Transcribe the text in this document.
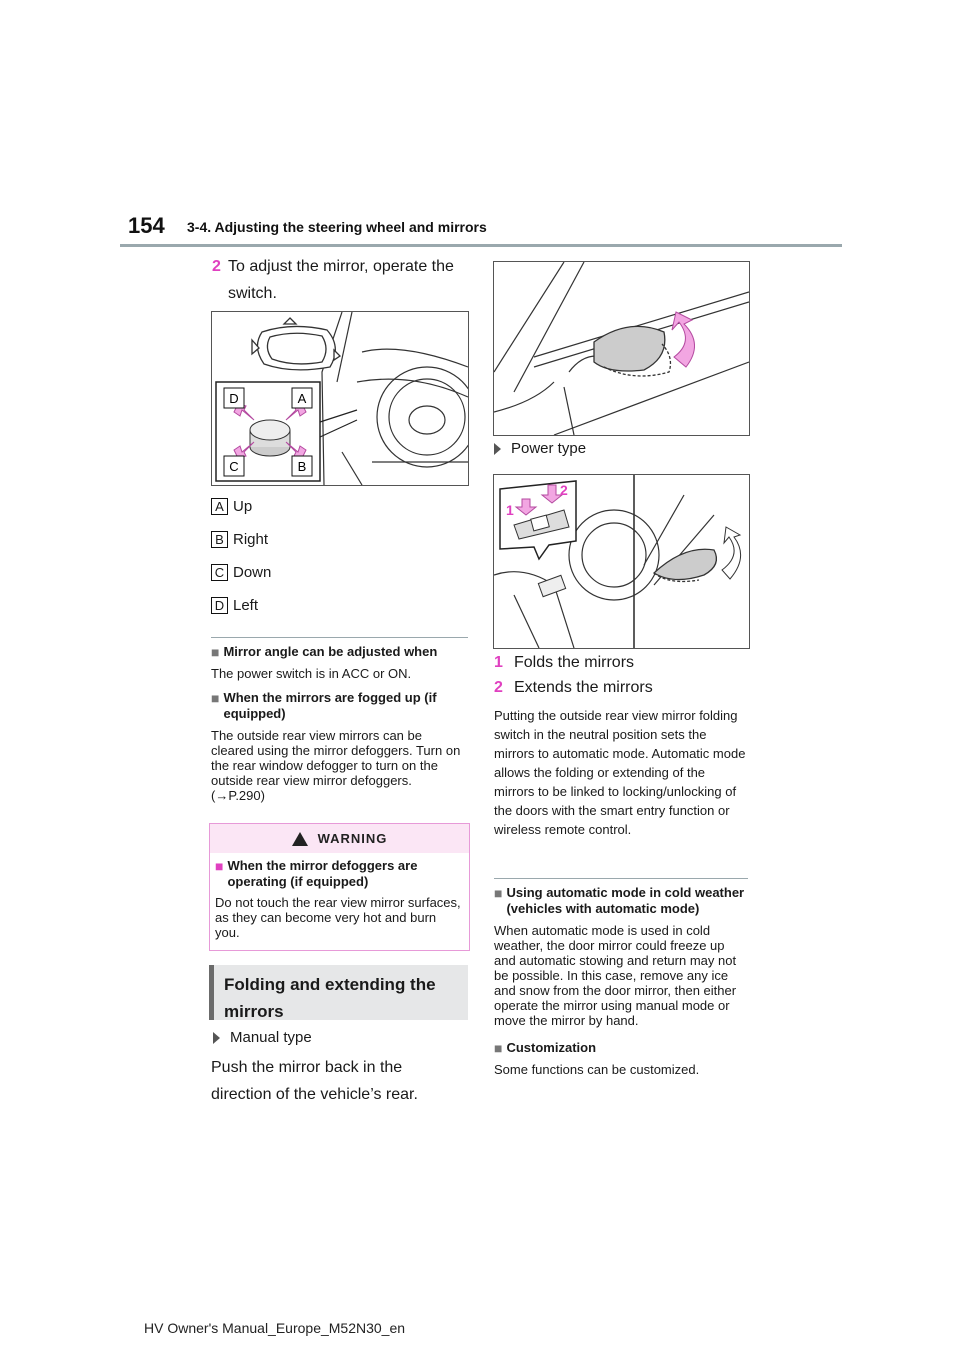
154 3-4. Adjusting the steering wheel and mirrors
2 To adjust the mirror, operate the switch.
D	A
C	B
A Up
B Right
C Down
D Left
■ Mirror angle can be adjusted when
The power switch is in ACC or ON.
■ When the mirrors are fogged up (if equipped)
The outside rear view mirrors can be cleared using the mirror defoggers. Turn on the rear window defogger to turn on the outside rear view mirror defoggers. (→P.290)
WARNING
■ When the mirror defoggers are operating (if equipped)
Do not touch the rear view mirror surfaces, as they can become very hot and burn you.
Folding and extending the mirrors
Manual type
Push the mirror back in the direction of the vehicle’s rear.
Power type
1
2
1 Folds the mirrors
2 Extends the mirrors
Putting the outside rear view mirror folding switch in the neutral position sets the mirrors to automatic mode. Automatic mode allows the folding or extending of the mirrors to be linked to locking/unlocking of the doors with the smart entry function or wireless remote control.
■ Using automatic mode in cold weather (vehicles with automatic mode)
When automatic mode is used in cold weather, the door mirror could freeze up and automatic stowing and return may not be possible. In this case, remove any ice and snow from the door mirror, then either operate the mirror using manual mode or move the mirror by hand.
■ Customization
Some functions can be customized.
HV Owner's Manual_Europe_M52N30_en
